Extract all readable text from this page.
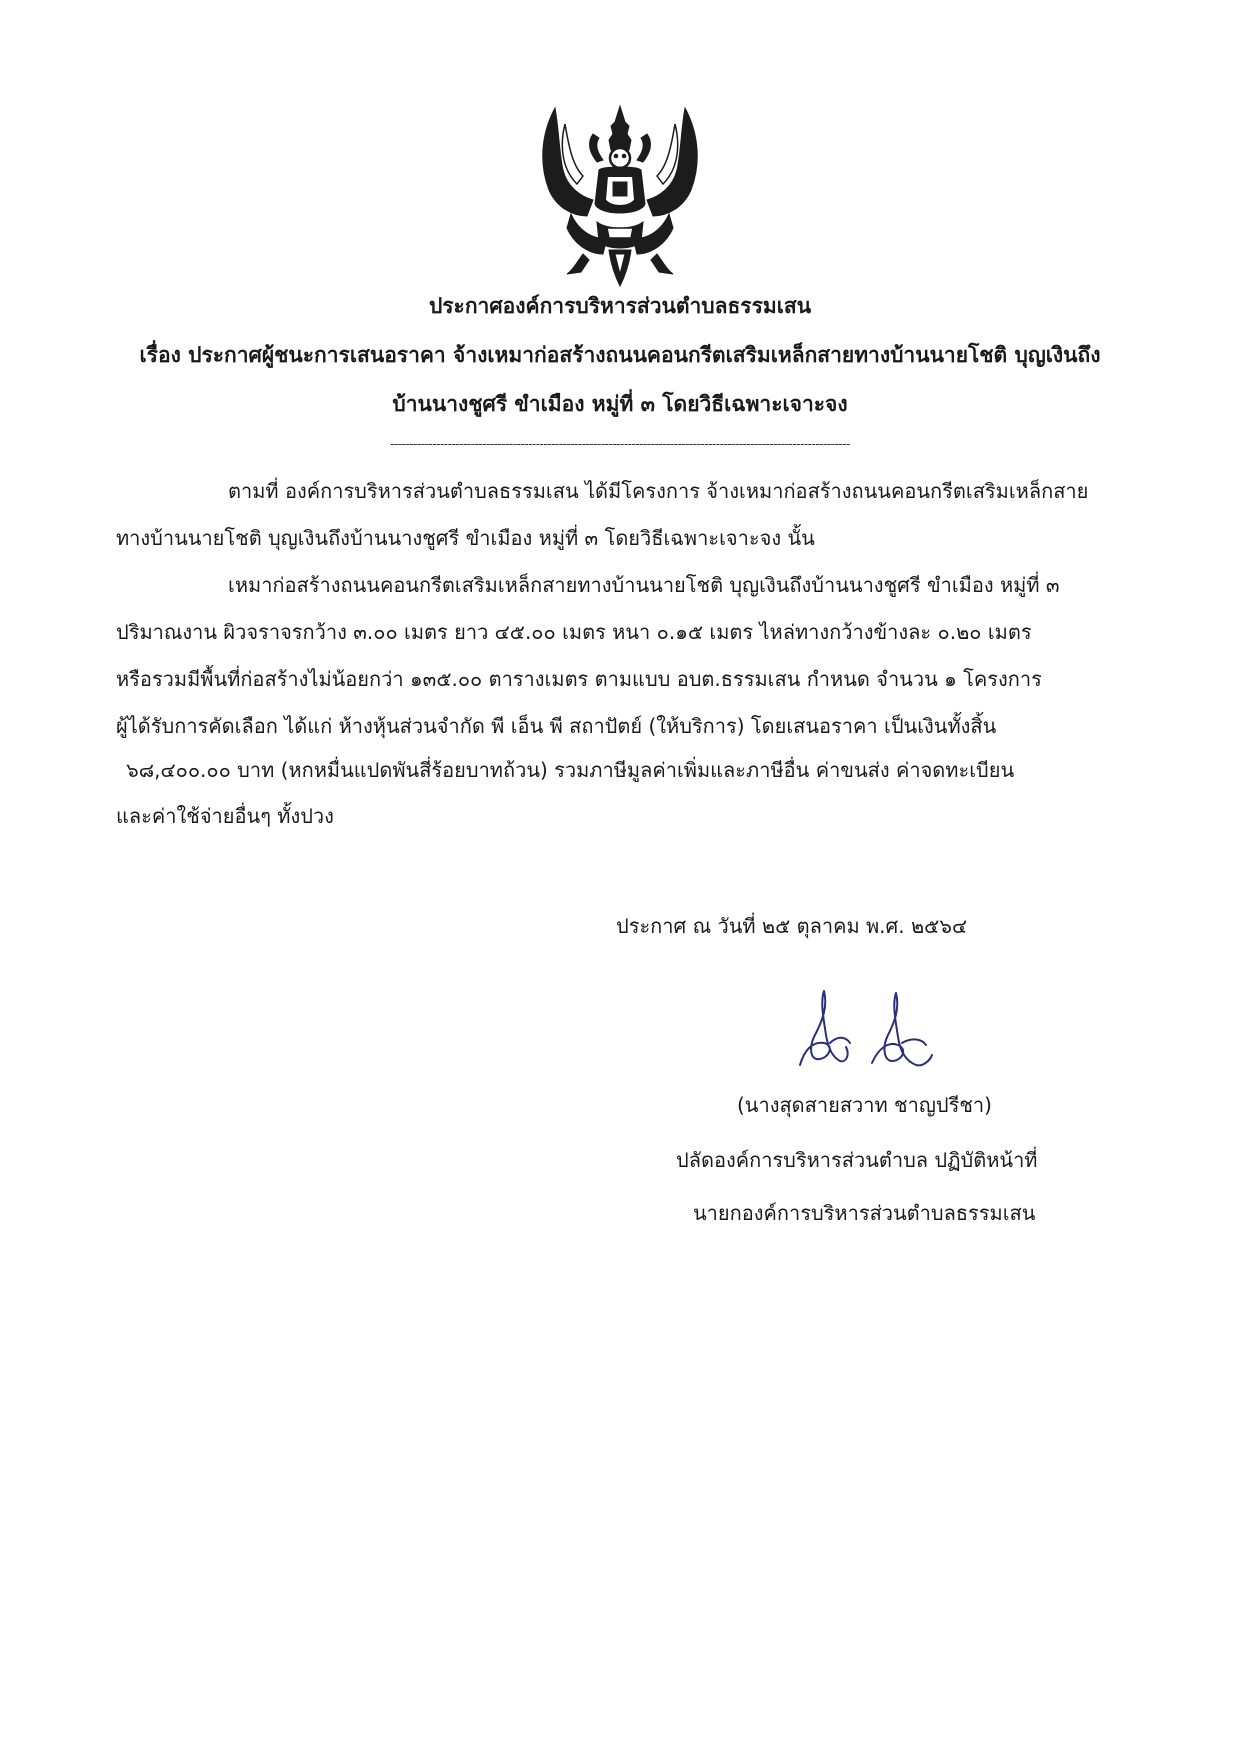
ประกาศองค์การบริหารส่วนตำบลธรรมเสน
เรื่อง ประกาศผู้ชนะการเสนอราคา จ้างเหมาก่อสร้างถนนคอนกรีตเสริมเหล็กสายทางบ้านนายโชติ บุญเงินถึง
บ้านนางชูศรี ขำเมือง หมู่ที่ ๓ โดยวิธีเฉพาะเจาะจง
------------------------------------------------------------------------------------------------------------------------
ตามที่ องค์การบริหารส่วนตำบลธรรมเสน ได้มีโครงการ จ้างเหมาก่อสร้างถนนคอนกรีตเสริมเหล็กสาย
ทางบ้านนายโชติ บุญเงินถึงบ้านนางชูศรี ขำเมือง หมู่ที่ ๓ โดยวิธีเฉพาะเจาะจง นั้น
เหมาก่อสร้างถนนคอนกรีตเสริมเหล็กสายทางบ้านนายโชติ บุญเงินถึงบ้านนางชูศรี ขำเมือง หมู่ที่ ๓
ปริมาณงาน ผิวจราจรกว้าง ๓.๐๐ เมตร ยาว ๔๕.๐๐ เมตร หนา ๐.๑๕ เมตร ไหล่ทางกว้างข้างละ ๐.๒๐ เมตร
หรือรวมมีพื้นที่ก่อสร้างไม่น้อยกว่า ๑๓๕.๐๐ ตารางเมตร ตามแบบ อบต.ธรรมเสน กำหนด จำนวน ๑ โครงการ
ผู้ได้รับการคัดเลือก ได้แก่ ห้างหุ้นส่วนจำกัด พี เอ็น พี สถาปัตย์ (ให้บริการ) โดยเสนอราคา เป็นเงินทั้งสิ้น
๖๘,๔๐๐.๐๐ บาท (หกหมื่นแปดพันสี่ร้อยบาทถ้วน) รวมภาษีมูลค่าเพิ่มและภาษีอื่น ค่าขนส่ง ค่าจดทะเบียน
และค่าใช้จ่ายอื่นๆ ทั้งปวง
ประกาศ ณ วันที่ ๒๕ ตุลาคม พ.ศ. ๒๕๖๔
(นางสุดสายสวาท ชาญปรีชา)
ปลัดองค์การบริหารส่วนตำบล ปฏิบัติหน้าที่
นายกองค์การบริหารส่วนตำบลธรรมเสน
